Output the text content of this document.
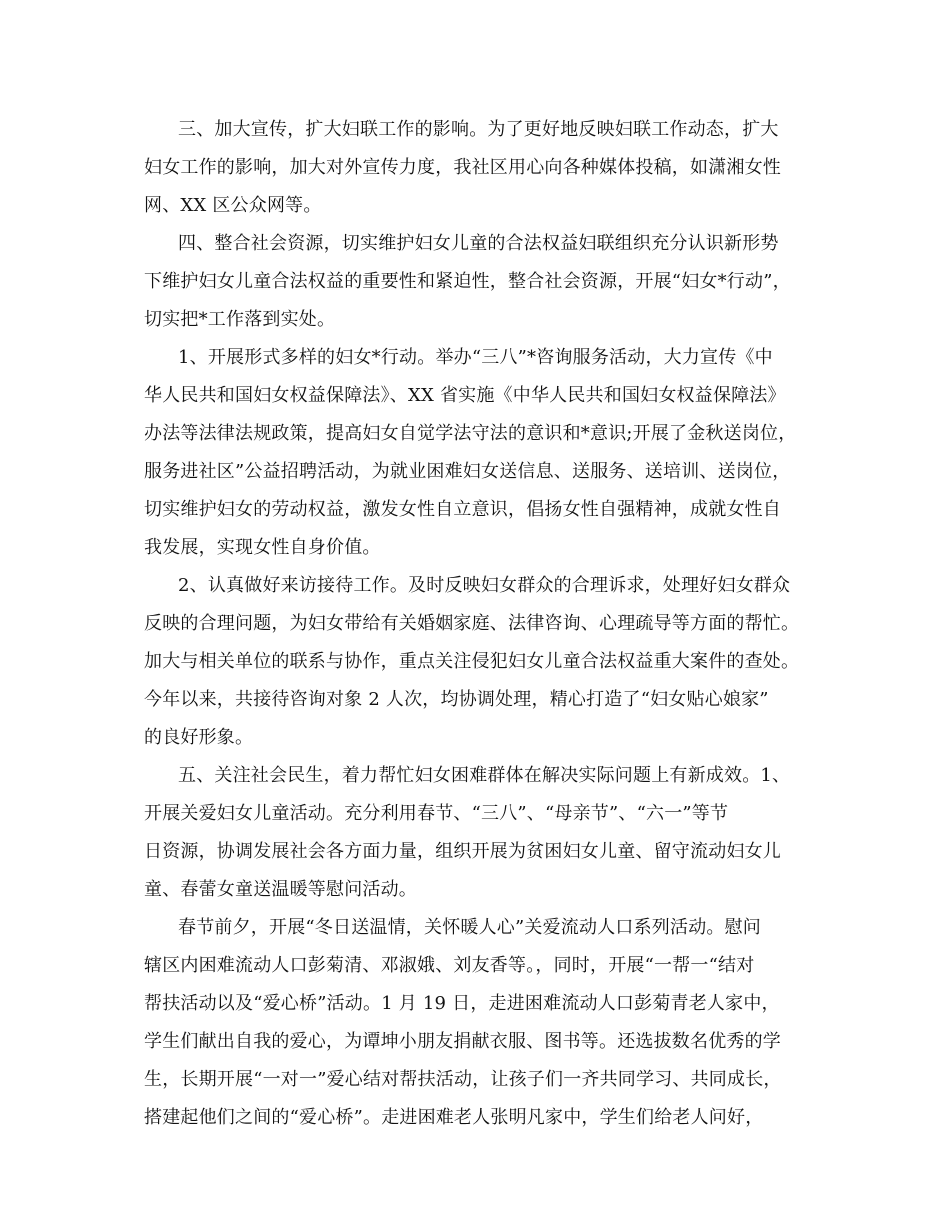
三、加大宣传，扩大妇联工作的影响。为了更好地反映妇联工作动态，扩大
妇女工作的影响，加大对外宣传力度，我社区用心向各种媒体投稿，如潇湘女性
网、XX 区公众网等。
四、整合社会资源，切实维护妇女儿童的合法权益妇联组织充分认识新形势
下维护妇女儿童合法权益的重要性和紧迫性，整合社会资源，开展“妇女*行动”，
切实把*工作落到实处。
1、开展形式多样的妇女*行动。举办“三八”*咨询服务活动，大力宣传《中
华人民共和国妇女权益保障法》、XX 省实施《中华人民共和国妇女权益保障法》
办法等法律法规政策，提高妇女自觉学法守法的意识和*意识;开展了金秋送岗位，
服务进社区”公益招聘活动，为就业困难妇女送信息、送服务、送培训、送岗位，
切实维护妇女的劳动权益，激发女性自立意识，倡扬女性自强精神，成就女性自
我发展，实现女性自身价值。
2、认真做好来访接待工作。及时反映妇女群众的合理诉求，处理好妇女群众
反映的合理问题，为妇女带给有关婚姻家庭、法律咨询、心理疏导等方面的帮忙。
加大与相关单位的联系与协作，重点关注侵犯妇女儿童合法权益重大案件的查处。
今年以来，共接待咨询对象 2 人次，均协调处理，精心打造了“妇女贴心娘家”
的良好形象。
五、关注社会民生，着力帮忙妇女困难群体在解决实际问题上有新成效。1、
开展关爱妇女儿童活动。充分利用春节、“三八”、“母亲节”、“六一”等节
日资源，协调发展社会各方面力量，组织开展为贫困妇女儿童、留守流动妇女儿
童、春蕾女童送温暖等慰问活动。
春节前夕，开展“冬日送温情，关怀暖人心”关爱流动人口系列活动。慰问
辖区内困难流动人口彭菊清、邓淑娥、刘友香等。，同时，开展“一帮一“结对
帮扶活动以及“爱心桥”活动。1 月 19 日，走进困难流动人口彭菊青老人家中，
学生们献出自我的爱心，为谭坤小朋友捐献衣服、图书等。还选拔数名优秀的学
生，长期开展“一对一”爱心结对帮扶活动，让孩子们一齐共同学习、共同成长，
搭建起他们之间的“爱心桥”。走进困难老人张明凡家中，学生们给老人问好，
